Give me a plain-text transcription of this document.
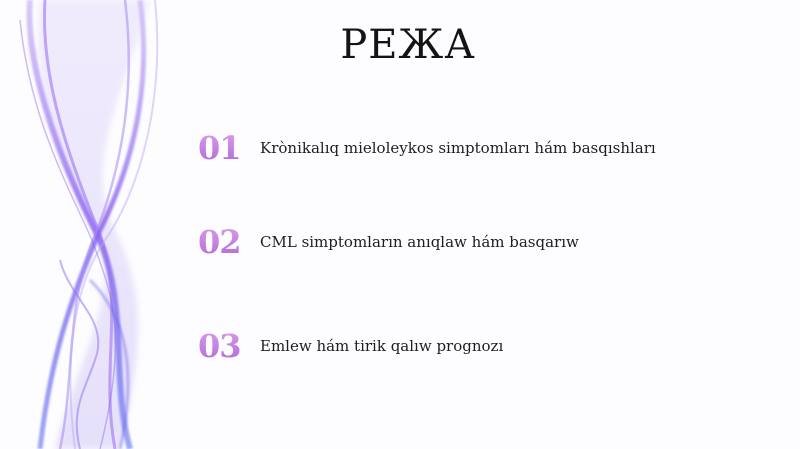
РЕЖА
01	Krònikalıq mieloleykos simptomları hám basqıshları
02	CML simptomların anıqlaw hám basqarıw
03	Emlew hám tirik qalıw prognozı
